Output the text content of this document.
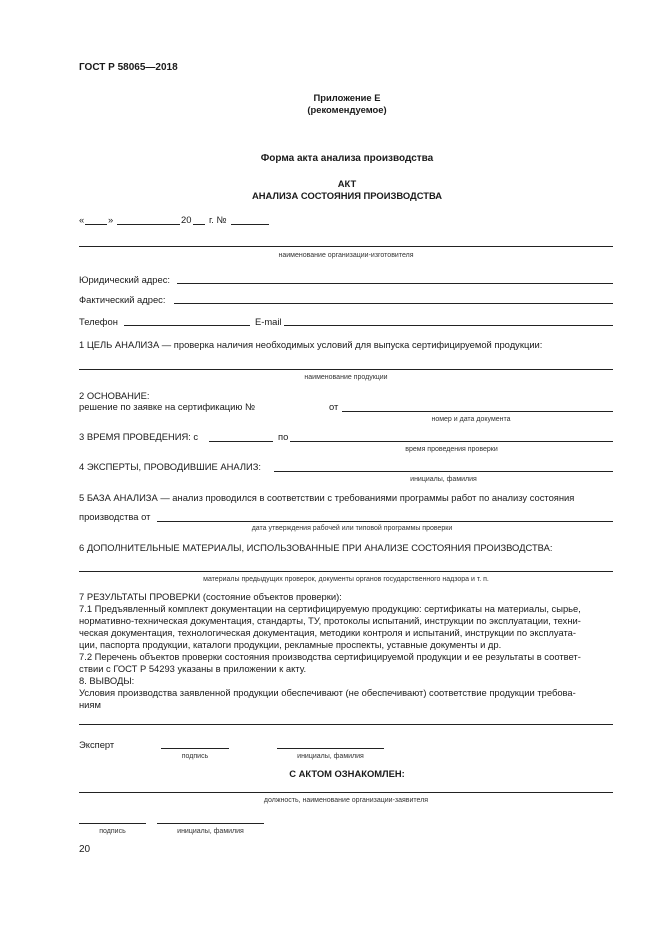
ГОСТ Р 58065—2018
Приложение Е
(рекомендуемое)
Форма акта анализа производства
АКТ
АНАЛИЗА СОСТОЯНИЯ ПРОИЗВОДСТВА
«	»	20 г. №
наименование организации-изготовителя
Юридический адрес:
Фактический адрес:
Телефон	E-mail
1 ЦЕЛЬ АНАЛИЗА — проверка наличия необходимых условий для выпуска сертифицируемой продукции:
наименование продукции
2 ОСНОВАНИЕ:
решение по заявке на сертификацию №	от
номер и дата документа
3 ВРЕМЯ ПРОВЕДЕНИЯ: с	по
время проведения проверки
4 ЭКСПЕРТЫ, ПРОВОДИВШИЕ АНАЛИЗ:
инициалы, фамилия
5 БАЗА АНАЛИЗА — анализ проводился в соответствии с требованиями программы работ по анализу состояния
производства от
дата утверждения рабочей или типовой программы проверки
6 ДОПОЛНИТЕЛЬНЫЕ МАТЕРИАЛЫ, ИСПОЛЬЗОВАННЫЕ ПРИ АНАЛИЗЕ СОСТОЯНИЯ ПРОИЗВОДСТВА:
материалы предыдущих проверок, документы органов государственного надзора и т. п.
7 РЕЗУЛЬТАТЫ ПРОВЕРКИ (состояние объектов проверки):
7.1 Предъявленный комплект документации на сертифицируемую продукцию: сертификаты на материалы, сырье,
нормативно-техническая документация, стандарты, ТУ, протоколы испытаний, инструкции по эксплуатации, техни-
ческая документация, технологическая документация, методики контроля и испытаний, инструкции по эксплуата-
ции, паспорта продукции, каталоги продукции, рекламные проспекты, уставные документы и др.
7.2 Перечень объектов проверки состояния производства сертифицируемой продукции и ее результаты в соответ-
ствии с ГОСТ Р 54293 указаны в приложении к акту.
8. ВЫВОДЫ:
Условия производства заявленной продукции обеспечивают (не обеспечивают) соответствие продукции требова-
ниям
Эксперт
подпись	инициалы, фамилия
С АКТОМ ОЗНАКОМЛЕН:
должность, наименование организации-заявителя
подпись	инициалы, фамилия
20
